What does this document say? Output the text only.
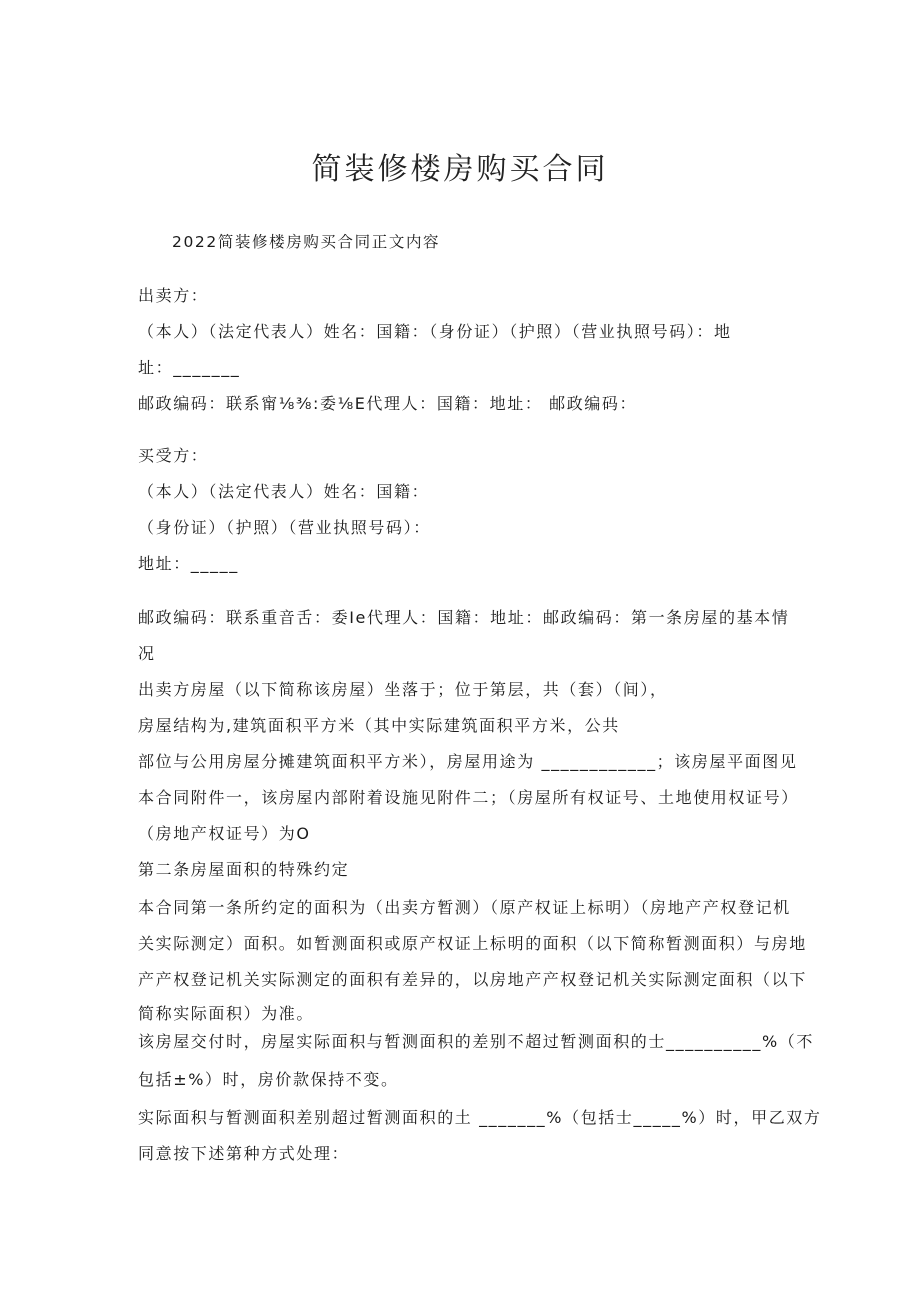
简装修楼房购买合同
2022简装修楼房购买合同正文内容
出卖方：
（本人）（法定代表人）姓名：国籍：（身份证）（护照）（营业执照号码）：地
址：_______
邮政编码：联系甯⅛⅜:委⅛E代理人：国籍：地址： 邮政编码：
买受方：
（本人）（法定代表人）姓名：国籍：
（身份证）（护照）（营业执照号码）：
地址：_____
邮政编码：联系重音舌：委Ie代理人：国籍：地址：邮政编码：第一条房屋的基本情
况
出卖方房屋（以下简称该房屋）坐落于；位于第层，共（套）（间），
房屋结构为,建筑面积平方米（其中实际建筑面积平方米，公共
部位与公用房屋分摊建筑面积平方米），房屋用途为 ____________；该房屋平面图见
本合同附件一，该房屋内部附着设施见附件二；（房屋所有权证号、土地使用权证号）
（房地产权证号）为O
第二条房屋面积的特殊约定
本合同第一条所约定的面积为（出卖方暂测）（原产权证上标明）（房地产产权登记机
关实际测定）面积。如暂测面积或原产权证上标明的面积（以下简称暂测面积）与房地
产产权登记机关实际测定的面积有差异的，以房地产产权登记机关实际测定面积（以下
简称实际面积）为准。
该房屋交付时，房屋实际面积与暂测面积的差别不超过暂测面积的士__________%（不
包括±%）时，房价款保持不变。
实际面积与暂测面积差别超过暂测面积的土 _______%（包括士_____%）时，甲乙双方
同意按下述第种方式处理：
